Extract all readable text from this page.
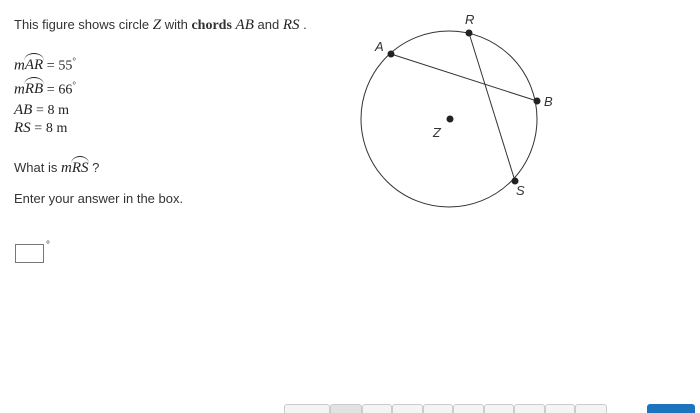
This figure shows circle Z with chords AB and RS .
mAR = 55°
mRB = 66°
AB = 8 m
RS = 8 m
What is mRS ?
Enter your answer in the box.
°
A
R
B
S
Z
